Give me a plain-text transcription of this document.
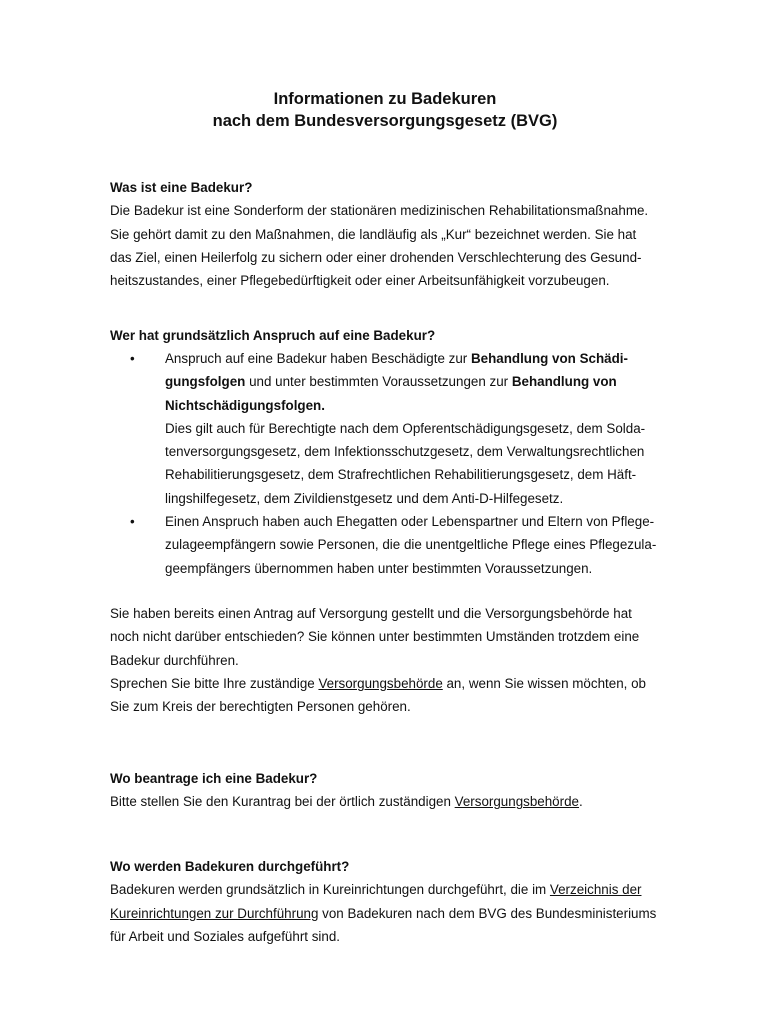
Informationen zu Badekuren
nach dem Bundesversorgungsgesetz (BVG)
Was ist eine Badekur?
Die Badekur ist eine Sonderform der stationären medizinischen Rehabilitationsmaßnahme.
Sie gehört damit zu den Maßnahmen, die landläufig als „Kur“ bezeichnet werden. Sie hat
das Ziel, einen Heilerfolg zu sichern oder einer drohenden Verschlechterung des Gesund-
heitszustandes, einer Pflegebedürftigkeit oder einer Arbeitsunfähigkeit vorzubeugen.
Wer hat grundsätzlich Anspruch auf eine Badekur?
• Anspruch auf eine Badekur haben Beschädigte zur Behandlung von Schädi-
gungsfolgen und unter bestimmten Voraussetzungen zur Behandlung von
Nichtschädigungsfolgen.
Dies gilt auch für Berechtigte nach dem Opferentschädigungsgesetz, dem Solda-
tenversorgungsgesetz, dem Infektionsschutzgesetz, dem Verwaltungsrechtlichen
Rehabilitierungsgesetz, dem Strafrechtlichen Rehabilitierungsgesetz, dem Häft-
lingshilfegesetz, dem Zivildienstgesetz und dem Anti-D-Hilfegesetz.
• Einen Anspruch haben auch Ehegatten oder Lebenspartner und Eltern von Pflege-
zulageempfängern sowie Personen, die die unentgeltliche Pflege eines Pflegezula-
geempfängers übernommen haben unter bestimmten Voraussetzungen.
Sie haben bereits einen Antrag auf Versorgung gestellt und die Versorgungsbehörde hat
noch nicht darüber entschieden? Sie können unter bestimmten Umständen trotzdem eine
Badekur durchführen.
Sprechen Sie bitte Ihre zuständige Versorgungsbehörde an, wenn Sie wissen möchten, ob
Sie zum Kreis der berechtigten Personen gehören.
Wo beantrage ich eine Badekur?
Bitte stellen Sie den Kurantrag bei der örtlich zuständigen Versorgungsbehörde.
Wo werden Badekuren durchgeführt?
Badekuren werden grundsätzlich in Kureinrichtungen durchgeführt, die im Verzeichnis der
Kureinrichtungen zur Durchführung von Badekuren nach dem BVG des Bundesministeriums
für Arbeit und Soziales aufgeführt sind.
